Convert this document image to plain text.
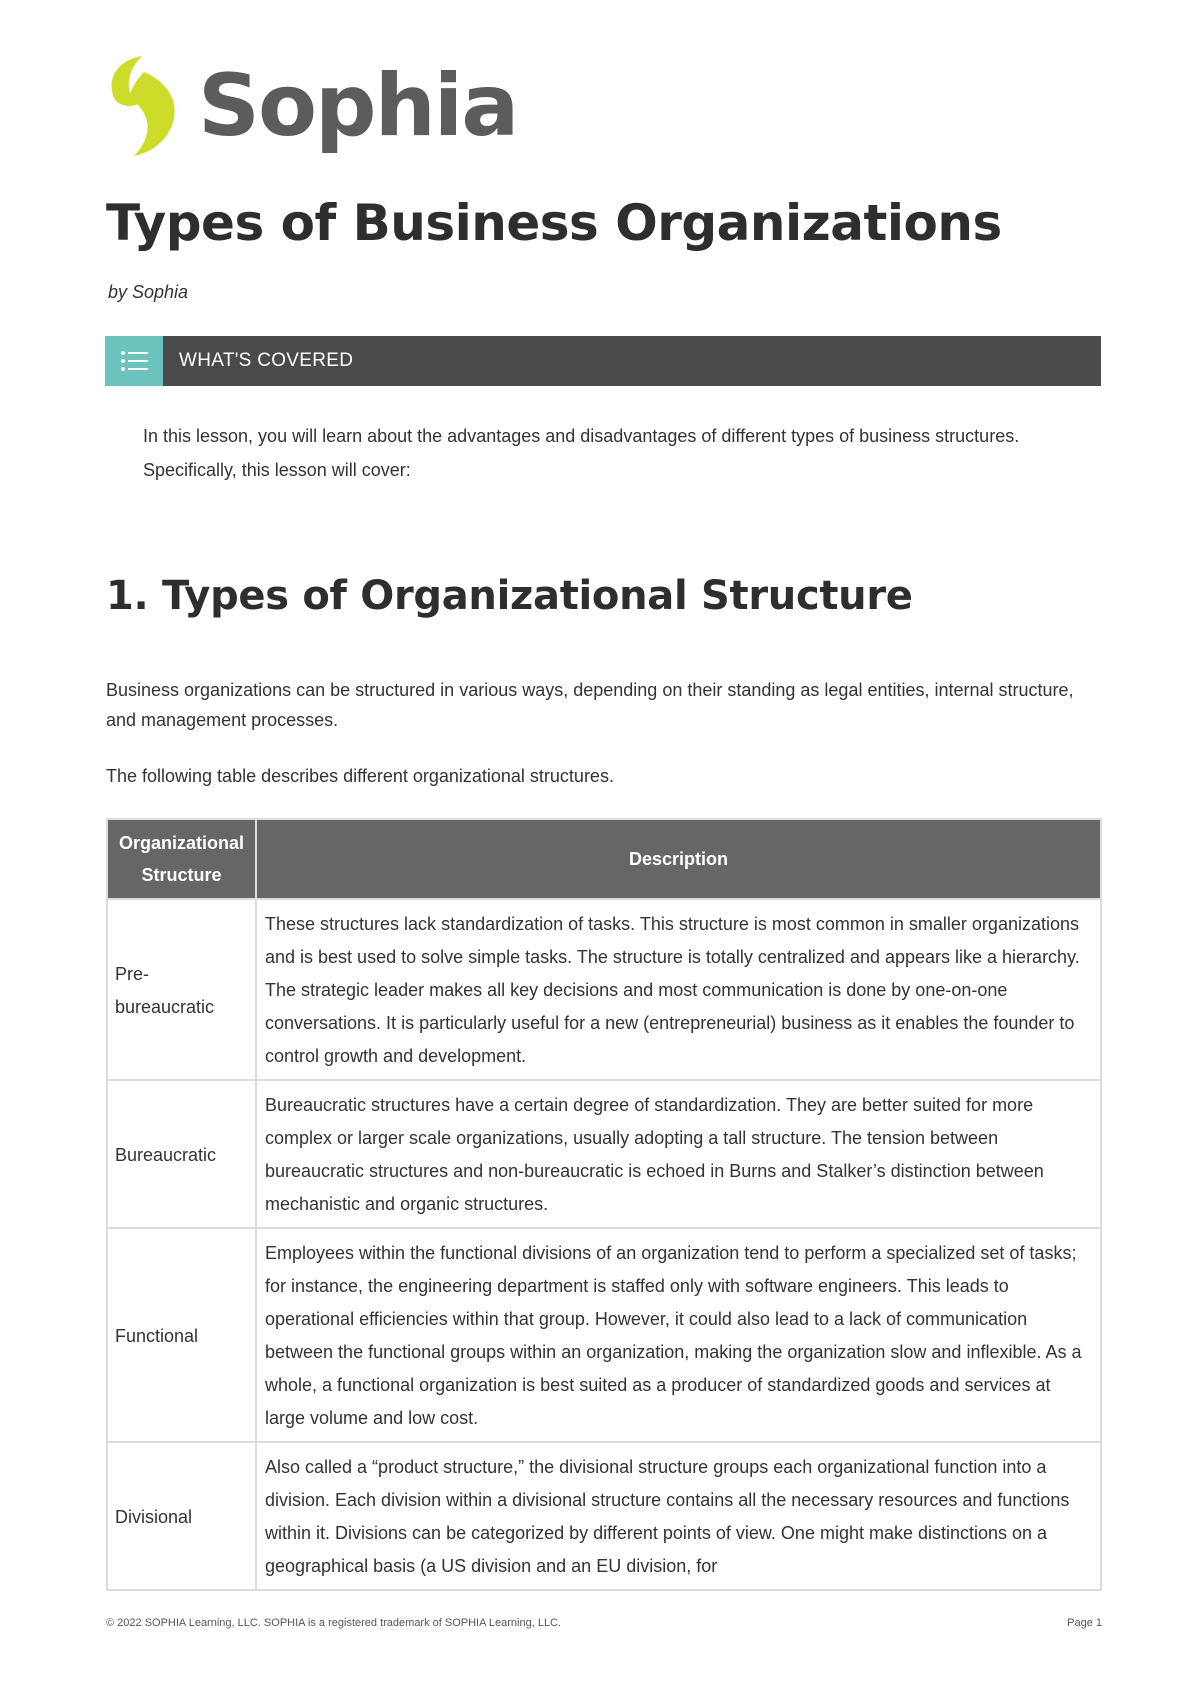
Sophia
Types of Business Organizations
by Sophia
WHAT'S COVERED

In this lesson, you will learn about the advantages and disadvantages of different types of business structures. Specifically, this lesson will cover:

1. Types of Organizational Structure

Business organizations can be structured in various ways, depending on their standing as legal entities, internal structure, and management processes.

The following table describes different organizational structures.

Organizational Structure	Description
Pre-bureaucratic	These structures lack standardization of tasks. This structure is most common in smaller organizations and is best used to solve simple tasks. The structure is totally centralized and appears like a hierarchy. The strategic leader makes all key decisions and most communication is done by one-on-one conversations. It is particularly useful for a new (entrepreneurial) business as it enables the founder to control growth and development.
Bureaucratic	Bureaucratic structures have a certain degree of standardization. They are better suited for more complex or larger scale organizations, usually adopting a tall structure. The tension between bureaucratic structures and non-bureaucratic is echoed in Burns and Stalker’s distinction between mechanistic and organic structures.
Functional	Employees within the functional divisions of an organization tend to perform a specialized set of tasks; for instance, the engineering department is staffed only with software engineers. This leads to operational efficiencies within that group. However, it could also lead to a lack of communication between the functional groups within an organization, making the organization slow and inflexible. As a whole, a functional organization is best suited as a producer of standardized goods and services at large volume and low cost.
Divisional	Also called a “product structure,” the divisional structure groups each organizational function into a division. Each division within a divisional structure contains all the necessary resources and functions within it. Divisions can be categorized by different points of view. One might make distinctions on a geographical basis (a US division and an EU division, for
© 2022 SOPHIA Learning, LLC. SOPHIA is a registered trademark of SOPHIA Learning, LLC.	Page 1
